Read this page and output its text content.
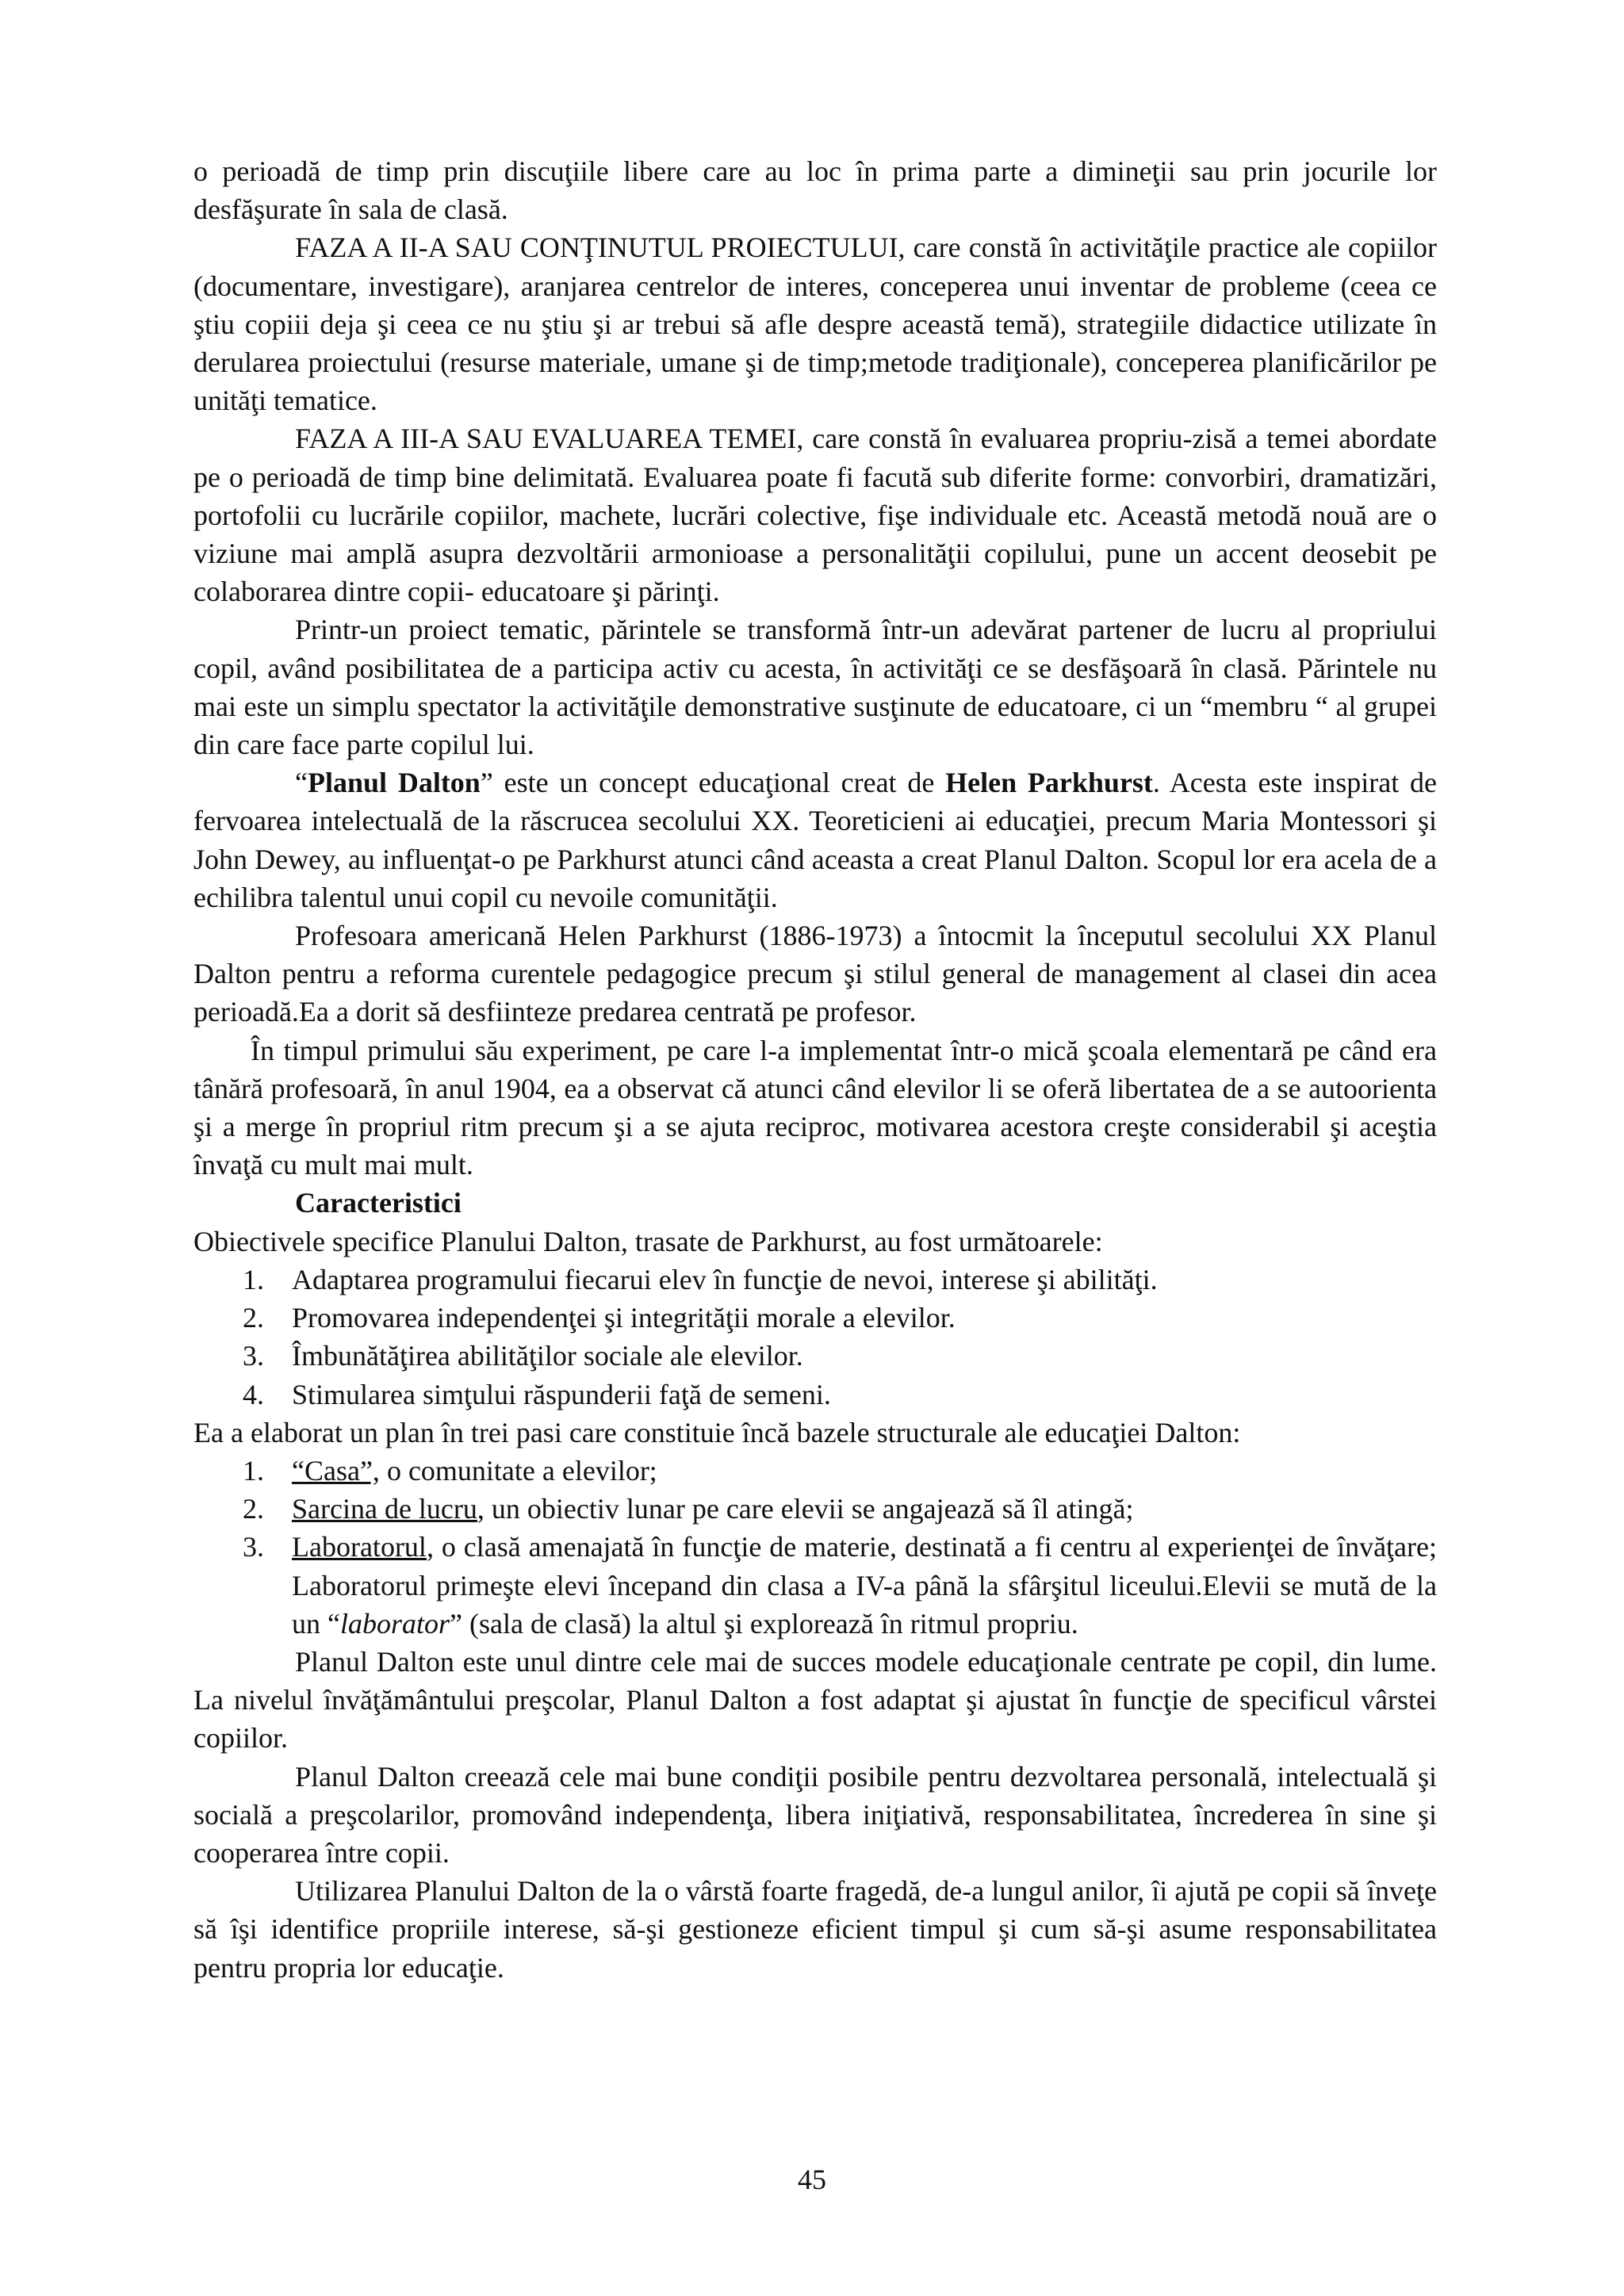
o perioadă de timp prin discuţiile libere care au loc în prima parte a dimineţii sau prin jocurile lor desfăşurate în sala de clasă.

FAZA A II-A SAU CONŢINUTUL PROIECTULUI, care constă în activităţile practice ale copiilor (documentare, investigare), aranjarea centrelor de interes, conceperea unui inventar de probleme (ceea ce ştiu copiii deja şi ceea ce nu ştiu şi ar trebui să afle despre această temă), strategiile didactice utilizate în derularea proiectului (resurse materiale, umane şi de timp;metode tradiţionale), conceperea planificărilor pe unităţi tematice.

FAZA A III-A SAU EVALUAREA TEMEI, care constă în evaluarea propriu-zisă a temei abordate pe o perioadă de timp bine delimitată. Evaluarea poate fi facută sub diferite forme: convorbiri, dramatizări, portofolii cu lucrările copiilor, machete, lucrări colective, fişe individuale etc. Această metodă nouă are o viziune mai amplă asupra dezvoltării armonioase a personalităţii copilului, pune un accent deosebit pe colaborarea dintre copii- educatoare şi părinţi.

Printr-un proiect tematic, părintele se transformă într-un adevărat partener de lucru al propriului copil, având posibilitatea de a participa activ cu acesta, în activităţi ce se desfăşoară în clasă. Părintele nu mai este un simplu spectator la activităţile demonstrative susţinute de educatoare, ci un “membru “ al grupei din care face parte copilul lui.

“Planul Dalton” este un concept educaţional creat de Helen Parkhurst. Acesta este inspirat de fervoarea intelectuală de la răscrucea secolului XX. Teoreticieni ai educaţiei, precum Maria Montessori şi John Dewey, au influenţat-o pe Parkhurst atunci când aceasta a creat Planul Dalton. Scopul lor era acela de a echilibra talentul unui copil cu nevoile comunităţii.

Profesoara americană Helen Parkhurst (1886-1973) a întocmit la începutul secolului XX Planul Dalton pentru a reforma curentele pedagogice precum şi stilul general de management al clasei din acea perioadă.Ea a dorit să desfiinteze predarea centrată pe profesor.

În timpul primului său experiment, pe care l-a implementat într-o mică şcoala elementară pe când era tânără profesoară, în anul 1904, ea a observat că atunci când elevilor li se oferă libertatea de a se autoorienta şi a merge în propriul ritm precum şi a se ajuta reciproc, motivarea acestora creşte considerabil şi aceştia învaţă cu mult mai mult.

Caracteristici

Obiectivele specifice Planului Dalton, trasate de Parkhurst, au fost următoarele:

1. Adaptarea programului fiecarui elev în funcţie de nevoi, interese şi abilităţi.
2. Promovarea independenţei şi integrităţii morale a elevilor.
3. Îmbunătăţirea abilităţilor sociale ale elevilor.
4. Stimularea simţului răspunderii faţă de semeni.

Ea a elaborat un plan în trei pasi care constituie încă bazele structurale ale educaţiei Dalton:

1. “Casa”, o comunitate a elevilor;
2. Sarcina de lucru, un obiectiv lunar pe care elevii se angajează să îl atingă;
3. Laboratorul, o clasă amenajată în funcţie de materie, destinată a fi centru al experienţei de învăţare; Laboratorul primeşte elevi începand din clasa a IV-a până la sfârşitul liceului.Elevii se mută de la un “laborator” (sala de clasă) la altul şi explorează în ritmul propriu.

Planul Dalton este unul dintre cele mai de succes modele educaţionale centrate pe copil, din lume. La nivelul învăţământului preşcolar, Planul Dalton a fost adaptat şi ajustat în funcţie de specificul vârstei copiilor.

Planul Dalton creează cele mai bune condiţii posibile pentru dezvoltarea personală, intelectuală şi socială a preşcolarilor, promovând independenţa, libera iniţiativă, responsabilitatea, încrederea în sine şi cooperarea între copii.

Utilizarea Planului Dalton de la o vârstă foarte fragedă, de-a lungul anilor, îi ajută pe copii să înveţe să îşi identifice propriile interese, să-şi gestioneze eficient timpul şi cum să-şi asume responsabilitatea pentru propria lor educaţie.

45
